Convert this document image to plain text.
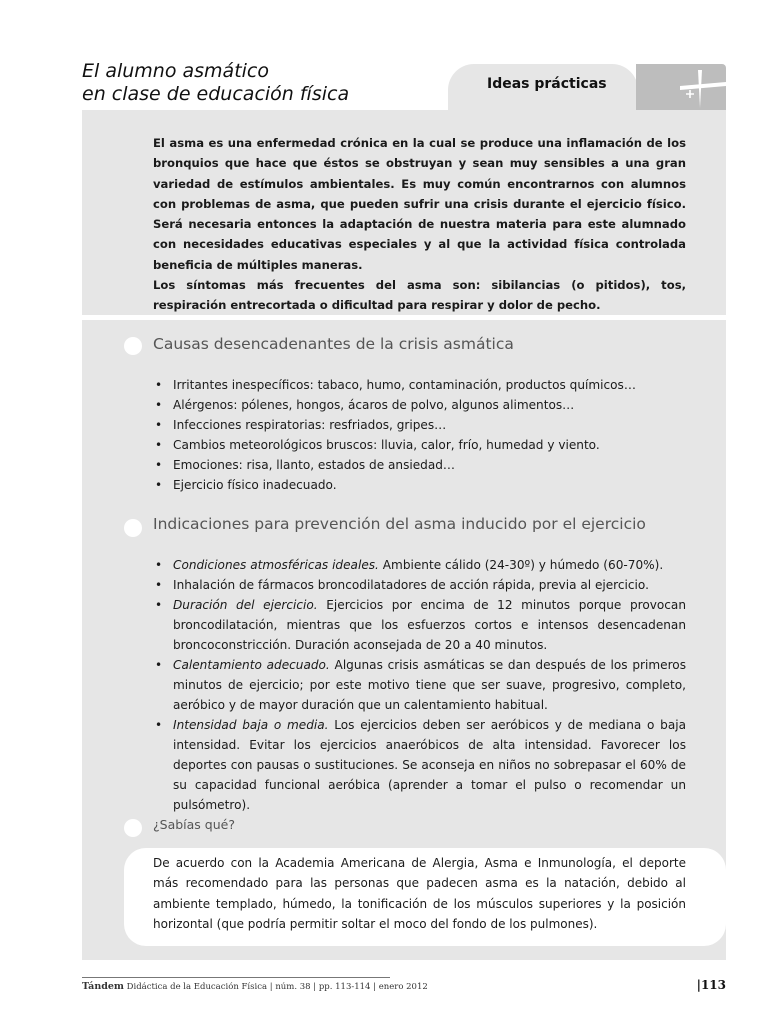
El alumno asmático
en clase de educación física	Ideas prácticas

El asma es una enfermedad crónica en la cual se produce una inflamación de los bronquios que hace que éstos se obstruyan y sean muy sensibles a una gran variedad de estímulos ambientales. Es muy común encontrarnos con alumnos con problemas de asma, que pueden sufrir una crisis durante el ejercicio físico. Será necesaria entonces la adaptación de nuestra materia para este alumnado con necesidades educativas especiales y al que la actividad física controlada beneficia de múltiples maneras.

Los síntomas más frecuentes del asma son: sibilancias (o pitidos), tos, respiración entrecortada o dificultad para respirar y dolor de pecho.

Causas desencadenantes de la crisis asmática
• Irritantes inespecíficos: tabaco, humo, contaminación, productos químicos…
• Alérgenos: pólenes, hongos, ácaros de polvo, algunos alimentos…
• Infecciones respiratorias: resfriados, gripes…
• Cambios meteorológicos bruscos: lluvia, calor, frío, humedad y viento.
• Emociones: risa, llanto, estados de ansiedad…
• Ejercicio físico inadecuado.
Indicaciones para prevención del asma inducido por el ejercicio
• Condiciones atmosféricas ideales. Ambiente cálido (24-30º) y húmedo (60-70%).
• Inhalación de fármacos broncodilatadores de acción rápida, previa al ejercicio.
• Duración del ejercicio. Ejercicios por encima de 12 minutos porque provocan broncodilatación, mientras que los esfuerzos cortos e intensos desencadenan broncoconstricción. Duración aconsejada de 20 a 40 minutos.
• Calentamiento adecuado. Algunas crisis asmáticas se dan después de los primeros minutos de ejercicio; por este motivo tiene que ser suave, progresivo, completo, aeróbico y de mayor duración que un calentamiento habitual.
• Intensidad baja o media. Los ejercicios deben ser aeróbicos y de mediana o baja intensidad. Evitar los ejercicios anaeróbicos de alta intensidad. Favorecer los deportes con pausas o sustituciones. Se aconseja en niños no sobrepasar el 60% de su capacidad funcional aeróbica (aprender a tomar el pulso o recomendar un pulsómetro).
¿Sabías qué?
De acuerdo con la Academia Americana de Alergia, Asma e Inmunología, el deporte más recomendado para las personas que padecen asma es la natación, debido al ambiente templado, húmedo, la tonificación de los músculos superiores y la posición horizontal (que podría permitir soltar el moco del fondo de los pulmones).
Tándem Didáctica de la Educación Física | núm. 38 | pp. 113-114 | enero 2012	|113
